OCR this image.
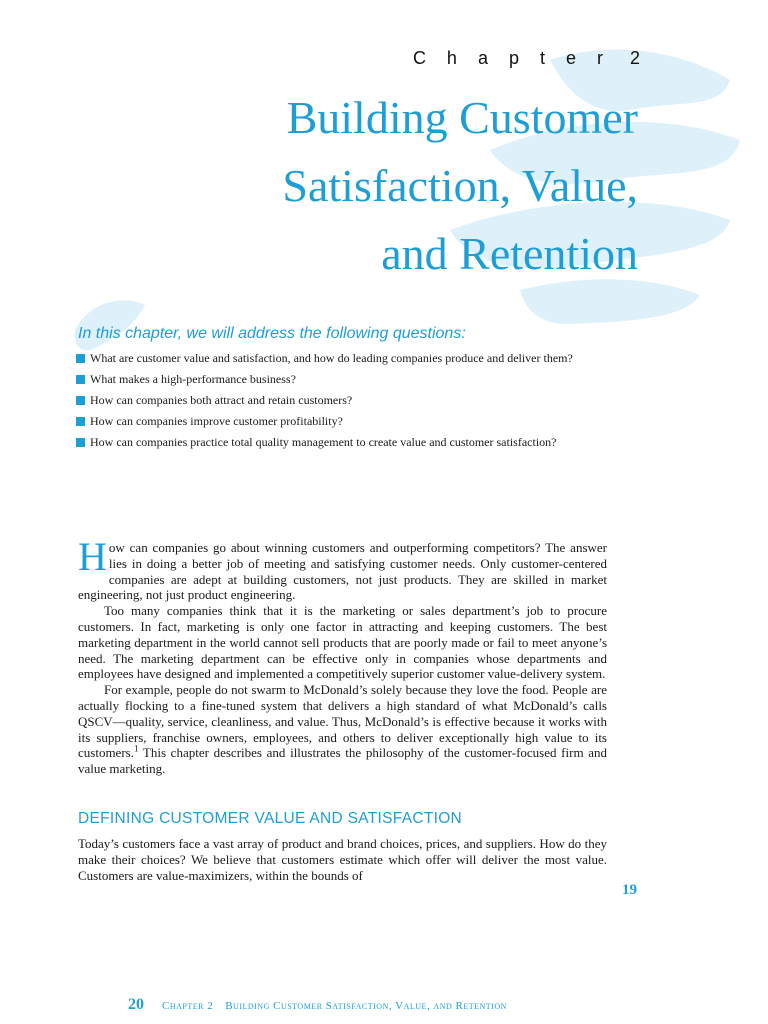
Chapter 2
Building Customer
Satisfaction, Value,
and Retention
In this chapter, we will address the following questions:
What are customer value and satisfaction, and how do leading companies produce and deliver them?
What makes a high-performance business?
How can companies both attract and retain customers?
How can companies improve customer profitability?
How can companies practice total quality management to create value and customer satisfaction?

How can companies go about winning customers and outperforming competitors? The answer lies in doing a better job of meeting and satisfying customer needs. Only customer-centered companies are adept at building customers, not just products. They are skilled in market engineering, not just product engineering.

Too many companies think that it is the marketing or sales department’s job to procure customers. In fact, marketing is only one factor in attracting and keeping customers. The best marketing department in the world cannot sell products that are poorly made or fail to meet anyone’s need. The marketing department can be effective only in companies whose departments and employees have designed and implemented a competitively superior customer value-delivery system.

For example, people do not swarm to McDonald’s solely because they love the food. People are actually flocking to a fine-tuned system that delivers a high standard of what McDonald’s calls QSCV—quality, service, cleanliness, and value. Thus, McDonald’s is effective because it works with its suppliers, franchise owners, employees, and others to deliver exceptionally high value to its customers.$^1$ This chapter describes and illustrates the philosophy of the customer-focused firm and value marketing.

DEFINING CUSTOMER VALUE AND SATISFACTION

Today’s customers face a vast array of product and brand choices, prices, and suppliers. How do they make their choices? We believe that customers estimate which offer will deliver the most value. Customers are value-maximizers, within the bounds of

19
20 Chapter 2 Building Customer Satisfaction, Value, and Retention
